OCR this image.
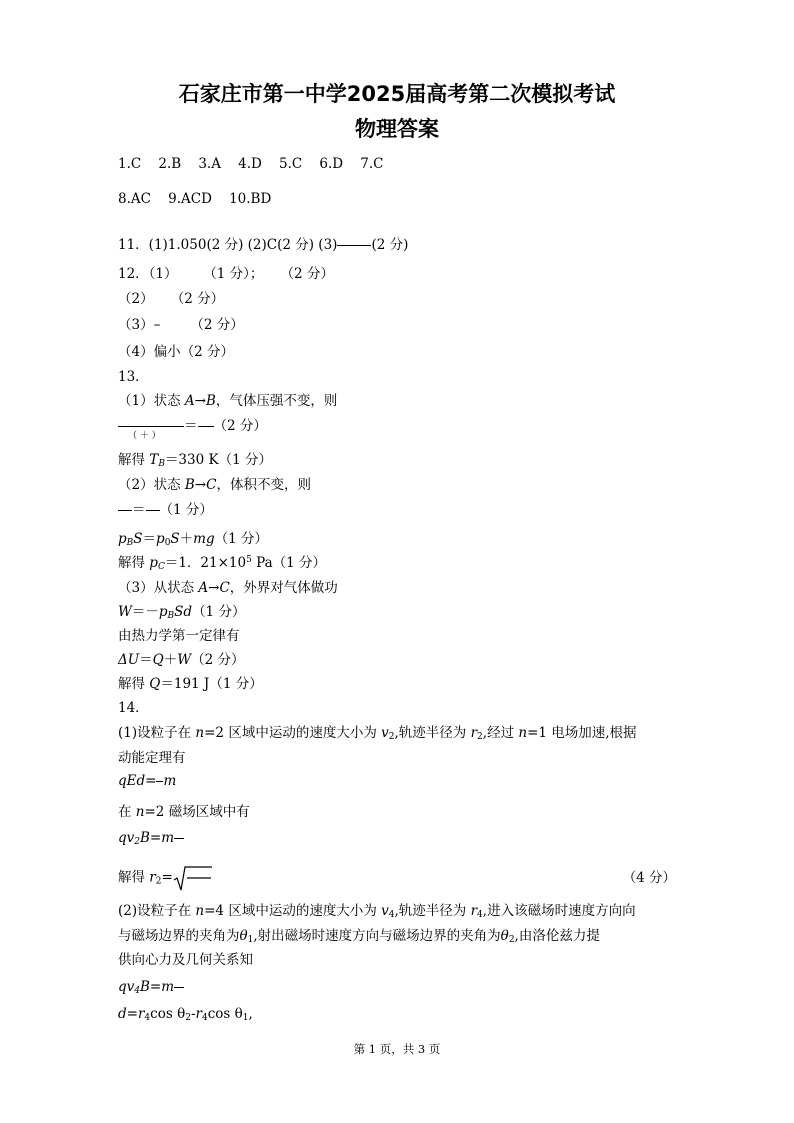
石家庄市第一中学2025届高考第二次模拟考试
物理答案
1.C    2.B    3.A    4.D    5.C    6.D    7.C
8.AC    9.ACD    10.BD
11．(1)1.050(2 分) (2)C(2 分) (3)	(2 分)
12．（1）      （1 分）；    （2 分）
（2）    （2 分）
（3）–       （2 分）
（4）偏小（2 分）
13．
（1）状态 A→B，气体压强不变，则
＝ （2 分）
（ ＋ ）
解得 $T_B=330$ K（1 分）
（2）状态 B→C，体积不变，则
＝ （1 分）
$p_BS=p_0S+mg(1$ 分）
解得 $p_C=1$．$21\times 10^5$ Pa（1 分）
（3）从状态 A→C，外界对气体做功
$W=-p_BSd(1$ 分）
由热力学第一定律有
ΔU＝Q＋W（2 分）
解得 Q＝191 J（1 分）
14．
(1)设粒子在 n=2 区域中运动的速度大小为 $v_2$,轨迹半径为 $r_2$,经过 n=1 电场加速,根据
动能定理有
qEd= m
在 n=2 磁场区域中有
$qv_2B=m$
解得 $r_2=$	（4 分）
(2)设粒子在 n=4 区域中运动的速度大小为 $v_4$,轨迹半径为 $r_4$,进入该磁场时速度方向向
与磁场边界的夹角为$\theta_1$,射出磁场时速度方向与磁场边界的夹角为$\theta_2$,由洛伦兹力提
供向心力及几何关系知
$qv_4B=m$
$d=r_4\cos$ $\theta_2-r_4\cos$ $\theta_1$,
第 1 页，共 3 页
